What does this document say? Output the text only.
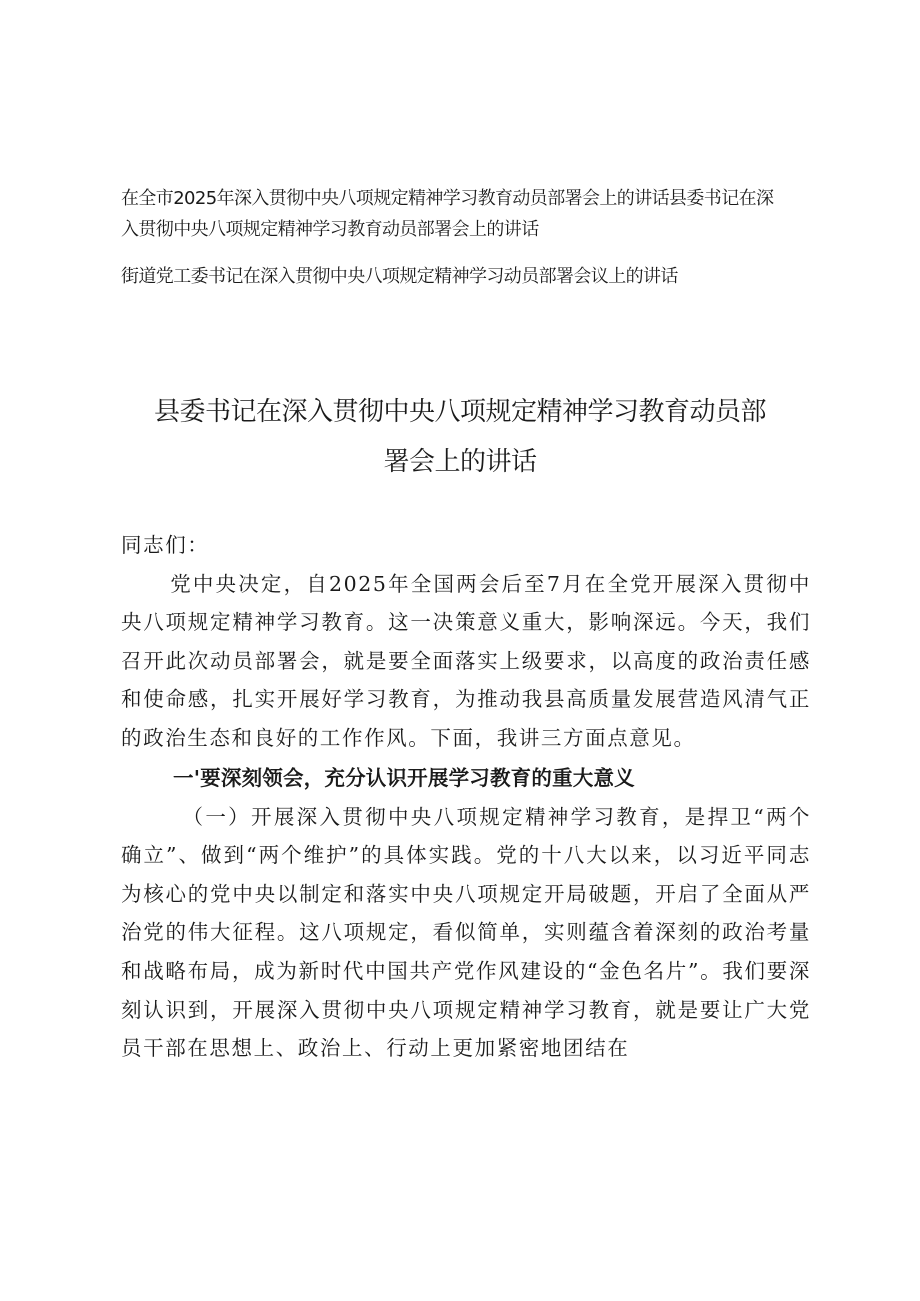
在全市2025年深入贯彻中央八项规定精神学习教育动员部署会上的讲话县委书记在深

入贯彻中央八项规定精神学习教育动员部署会上的讲话

街道党工委书记在深入贯彻中央八项规定精神学习动员部署会议上的讲话

县委书记在深入贯彻中央八项规定精神学习教育动员部
署会上的讲话

同志们：

党中央决定，自2025年全国两会后至7月在全党开展深入贯彻中央八项规定精神学习教育。这一决策意义重大，影响深远。今天，我们召开此次动员部署会，就是要全面落实上级要求，以高度的政治责任感和使命感，扎实开展好学习教育，为推动我县高质量发展营造风清气正的政治生态和良好的工作作风。下面，我讲三方面点意见。

一'要深刻领会，充分认识开展学习教育的重大意义

（一）开展深入贯彻中央八项规定精神学习教育，是捍卫“两个确立”、做到“两个维护”的具体实践。党的十八大以来，以习近平同志为核心的党中央以制定和落实中央八项规定开局破题，开启了全面从严治党的伟大征程。这八项规定，看似简单，实则蕴含着深刻的政治考量和战略布局，成为新时代中国共产党作风建设的“金色名片”。我们要深刻认识到，开展深入贯彻中央八项规定精神学习教育，就是要让广大党员干部在思想上、政治上、行动上更加紧密地团结在
